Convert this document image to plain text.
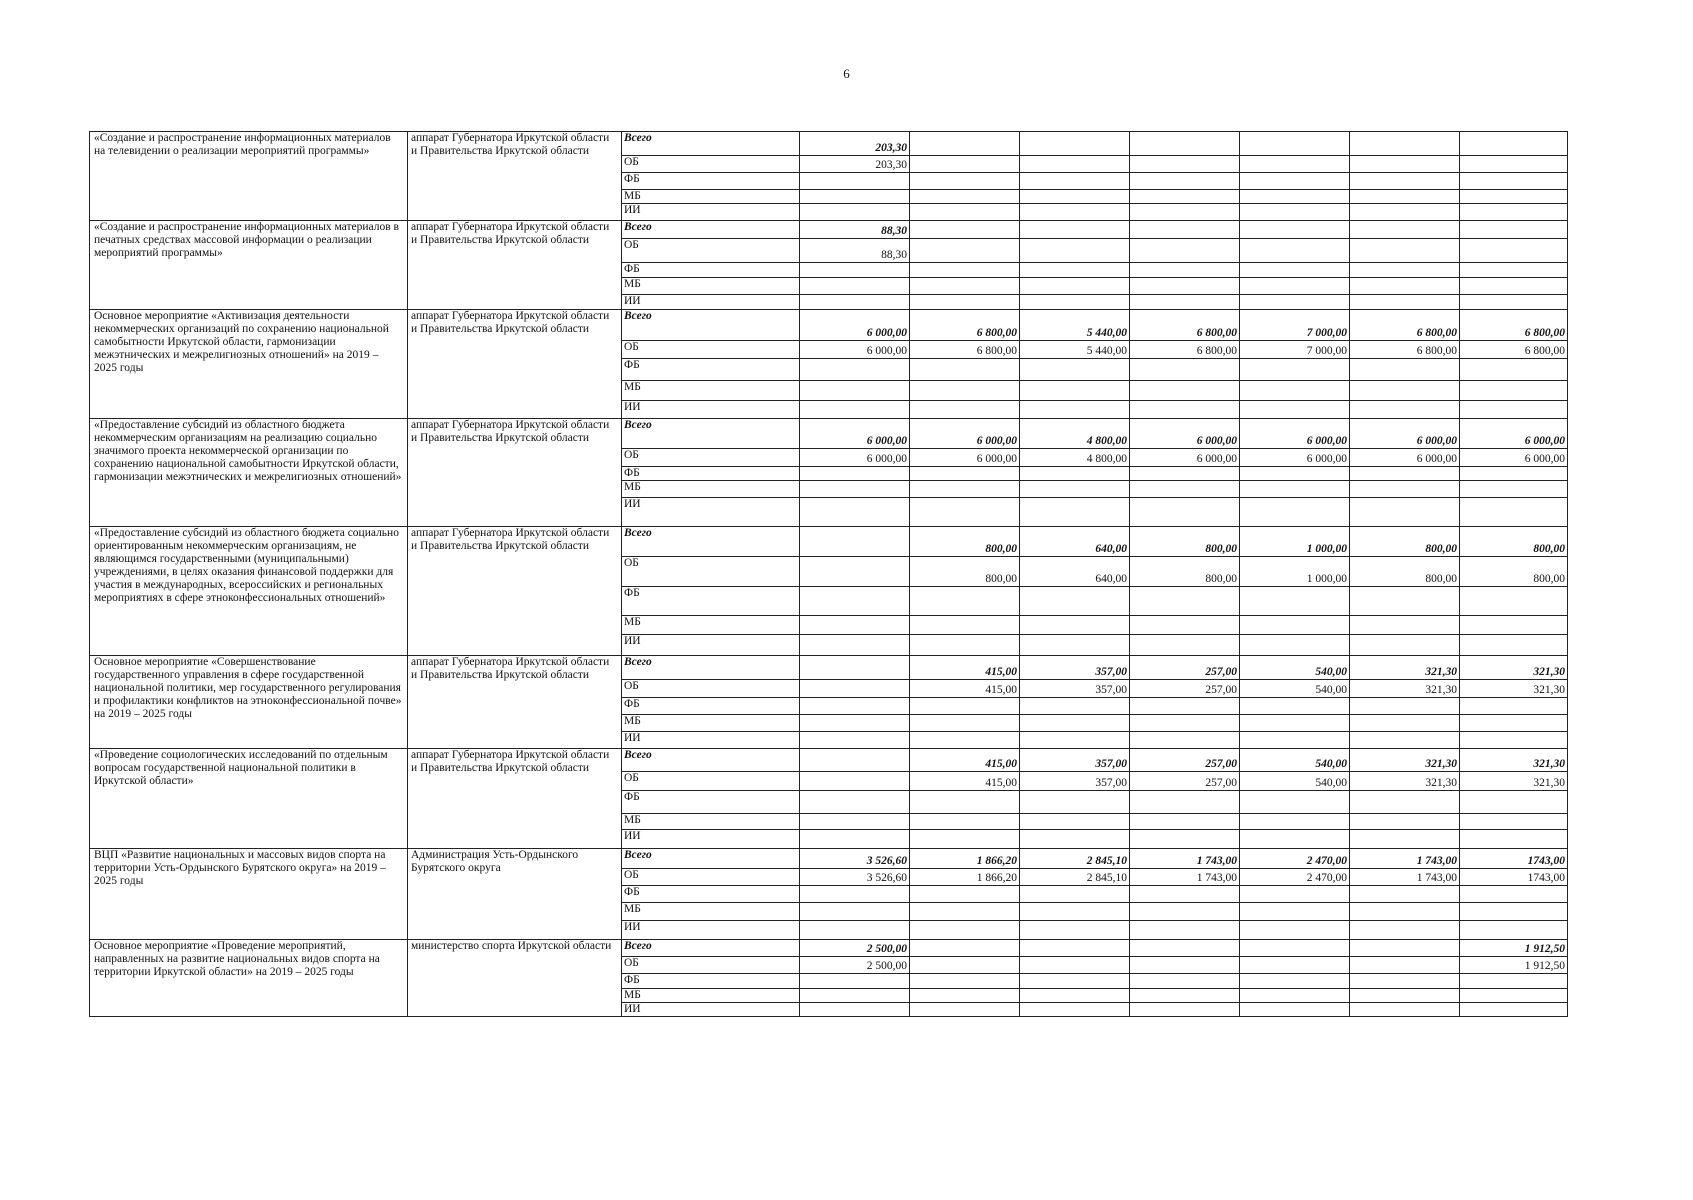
6
«Создание и распространение информационных материалов на телевидении о реализации мероприятий программы»	аппарат Губернатора Иркутской области и Правительства Иркутской области	Всего	203,30						
		ОБ	203,30						
		ФБ							
		МБ							
		ИИ							
«Создание и распространение информационных материалов в печатных средствах массовой информации о реализации мероприятий программы»	аппарат Губернатора Иркутской области и Правительства Иркутской области	Всего	88,30						
		ОБ	88,30						
		ФБ							
		МБ							
		ИИ							
Основное мероприятие «Активизация деятельности некоммерческих организаций по сохранению национальной самобытности Иркутской области, гармонизации межэтнических и межрелигиозных отношений» на 2019 – 2025 годы	аппарат Губернатора Иркутской области и Правительства Иркутской области	Всего	6 000,00	6 800,00	5 440,00	6 800,00	7 000,00	6 800,00	6 800,00
		ОБ	6 000,00	6 800,00	5 440,00	6 800,00	7 000,00	6 800,00	6 800,00
		ФБ							
		МБ							
		ИИ							
«Предоставление субсидий из областного бюджета некоммерческим организациям на реализацию социально значимого проекта некоммерческой организации по сохранению национальной самобытности Иркутской области, гармонизации межэтнических и межрелигиозных отношений»	аппарат Губернатора Иркутской области и Правительства Иркутской области	Всего	6 000,00	6 000,00	4 800,00	6 000,00	6 000,00	6 000,00	6 000,00
		ОБ	6 000,00	6 000,00	4 800,00	6 000,00	6 000,00	6 000,00	6 000,00
		ФБ							
		МБ							
		ИИ							
«Предоставление субсидий из областного бюджета социально ориентированным некоммерческим организациям, не являющимся государственными (муниципальными) учреждениями, в целях оказания финансовой поддержки для участия в международных, всероссийских и региональных мероприятиях в сфере этноконфессиональных отношений»	аппарат Губернатора Иркутской области и Правительства Иркутской области	Всего		800,00	640,00	800,00	1 000,00	800,00	800,00
		ОБ		800,00	640,00	800,00	1 000,00	800,00	800,00
		ФБ							
		МБ							
		ИИ							
Основное мероприятие «Совершенствование государственного управления в сфере государственной национальной политики, мер государственного регулирования и профилактики конфликтов на этноконфессиональной почве» на 2019 – 2025 годы	аппарат Губернатора Иркутской области и Правительства Иркутской области	Всего		415,00	357,00	257,00	540,00	321,30	321,30
		ОБ		415,00	357,00	257,00	540,00	321,30	321,30
		ФБ							
		МБ							
		ИИ							
«Проведение социологических исследований по отдельным вопросам государственной национальной политики в Иркутской области»	аппарат Губернатора Иркутской области и Правительства Иркутской области	Всего		415,00	357,00	257,00	540,00	321,30	321,30
		ОБ		415,00	357,00	257,00	540,00	321,30	321,30
		ФБ							
		МБ							
		ИИ							
ВЦП «Развитие национальных и массовых видов спорта на территории Усть-Ордынского Бурятского округа» на 2019 – 2025 годы	Администрация Усть-Ордынского Бурятского округа	Всего	3 526,60	1 866,20	2 845,10	1 743,00	2 470,00	1 743,00	1743,00
		ОБ	3 526,60	1 866,20	2 845,10	1 743,00	2 470,00	1 743,00	1743,00
		ФБ							
		МБ							
		ИИ							
Основное мероприятие «Проведение мероприятий, направленных на развитие национальных видов спорта на территории Иркутской области» на 2019 – 2025 годы	министерство спорта Иркутской области	Всего	2 500,00						1 912,50
		ОБ	2 500,00						1 912,50
		ФБ							
		МБ							
		ИИ							
